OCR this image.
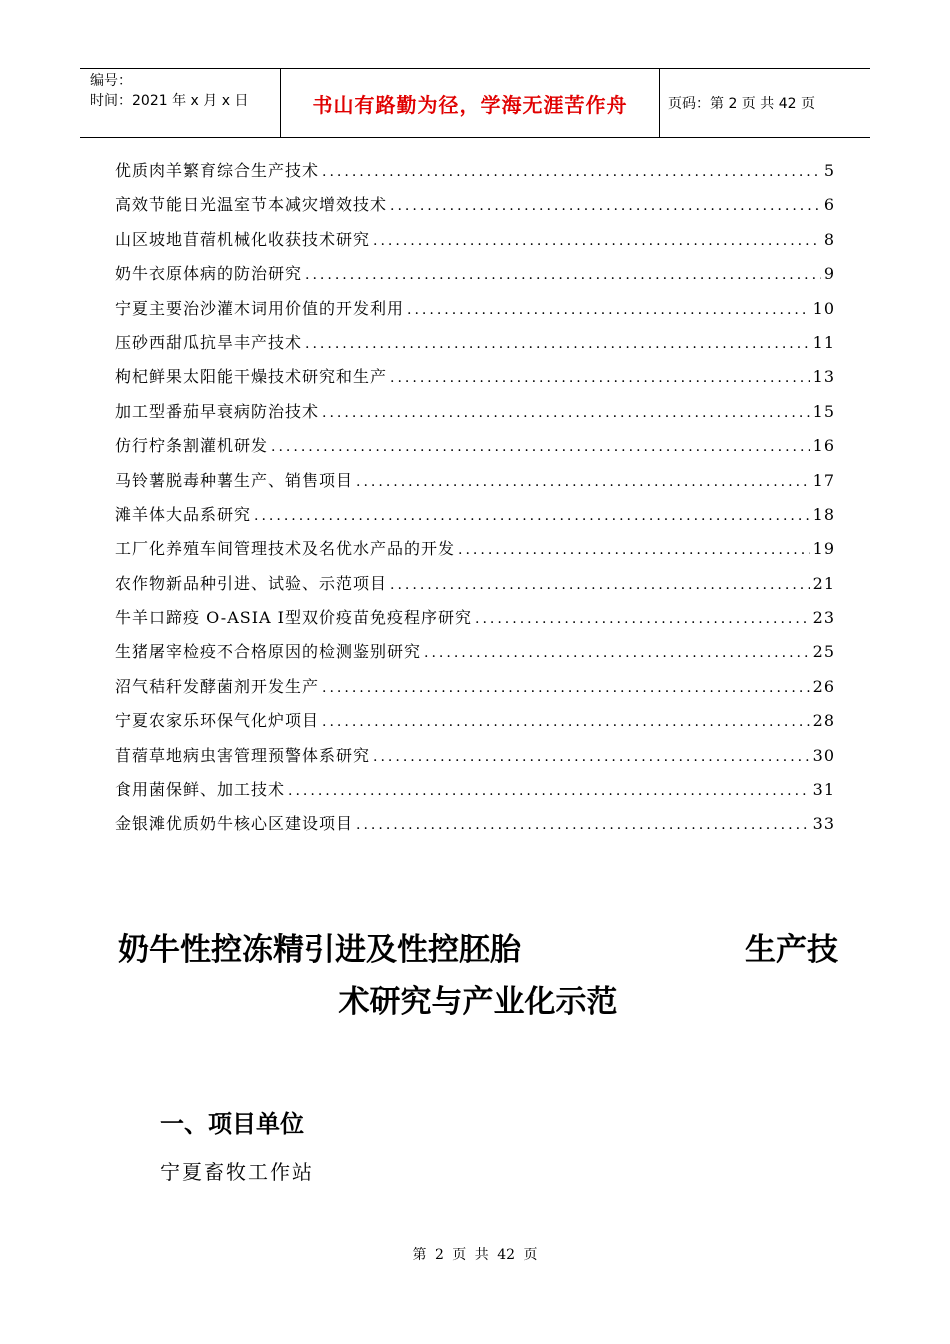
编号：
时间：2021 年 x 月 x 日	书山有路勤为径，学海无涯苦作舟	页码：第 2 页 共 42 页
优质肉羊繁育综合生产技术 .....	5
高效节能日光温室节本减灾增效技术 .....	6
山区坡地苜蓿机械化收获技术研究 .....	8
奶牛衣原体病的防治研究 .....	9
宁夏主要治沙灌木词用价值的开发利用 .....	10
压砂西甜瓜抗旱丰产技术 .....	11
枸杞鲜果太阳能干燥技术研究和生产 .....	13
加工型番茄早衰病防治技术 .....	15
仿行柠条割灌机研发 .....	16
马铃薯脱毒种薯生产、销售项目 .....	17
滩羊体大品系研究 .....	18
工厂化养殖车间管理技术及名优水产品的开发 .....	19
农作物新品种引进、试验、示范项目 .....	21
牛羊口蹄疫 O-ASIA Ⅰ型双价疫苗免疫程序研究 .....	23
生猪屠宰检疫不合格原因的检测鉴别研究 .....	25
沼气秸秆发酵菌剂开发生产 .....	26
宁夏农家乐环保气化炉项目 .....	28
苜蓿草地病虫害管理预警体系研究 .....	30
食用菌保鲜、加工技术 .....	31
金银滩优质奶牛核心区建设项目 .....	33
奶牛性控冻精引进及性控胚胎	生产技
术研究与产业化示范
一、项目单位
宁夏畜牧工作站
第 2 页 共 42 页
